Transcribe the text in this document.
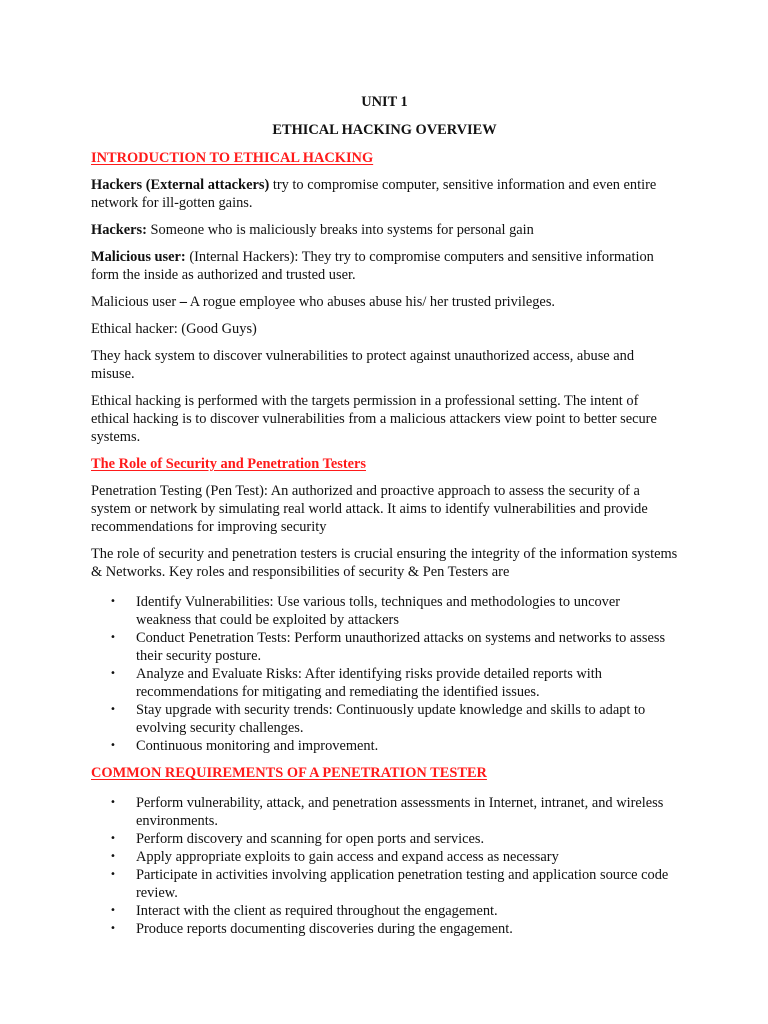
UNIT 1

ETHICAL HACKING OVERVIEW

INTRODUCTION TO ETHICAL HACKING

Hackers (External attackers) try to compromise computer, sensitive information and even entire network for ill-gotten gains.

Hackers: Someone who is maliciously breaks into systems for personal gain

Malicious user: (Internal Hackers): They try to compromise computers and sensitive information form the inside as authorized and trusted user.

Malicious user – A rogue employee who abuses abuse his/ her trusted privileges.

Ethical hacker: (Good Guys)

They hack system to discover vulnerabilities to protect against unauthorized access, abuse and misuse.

Ethical hacking is performed with the targets permission in a professional setting. The intent of ethical hacking is to discover vulnerabilities from a malicious attackers view point to better secure systems.

The Role of Security and Penetration Testers

Penetration Testing (Pen Test): An authorized and proactive approach to assess the security of a system or network by simulating real world attack. It aims to identify vulnerabilities and provide recommendations for improving security

The role of security and penetration testers is crucial ensuring the integrity of the information systems & Networks. Key roles and responsibilities of security & Pen Testers are

• Identify Vulnerabilities: Use various tolls, techniques and methodologies to uncover weakness that could be exploited by attackers
• Conduct Penetration Tests: Perform unauthorized attacks on systems and networks to assess their security posture.
• Analyze and Evaluate Risks: After identifying risks provide detailed reports with recommendations for mitigating and remediating the identified issues.
• Stay upgrade with security trends: Continuously update knowledge and skills to adapt to evolving security challenges.
• Continuous monitoring and improvement.

COMMON REQUIREMENTS OF A PENETRATION TESTER

• Perform vulnerability, attack, and penetration assessments in Internet, intranet, and wireless environments.
• Perform discovery and scanning for open ports and services.
• Apply appropriate exploits to gain access and expand access as necessary
• Participate in activities involving application penetration testing and application source code review.
• Interact with the client as required throughout the engagement.
• Produce reports documenting discoveries during the engagement.
